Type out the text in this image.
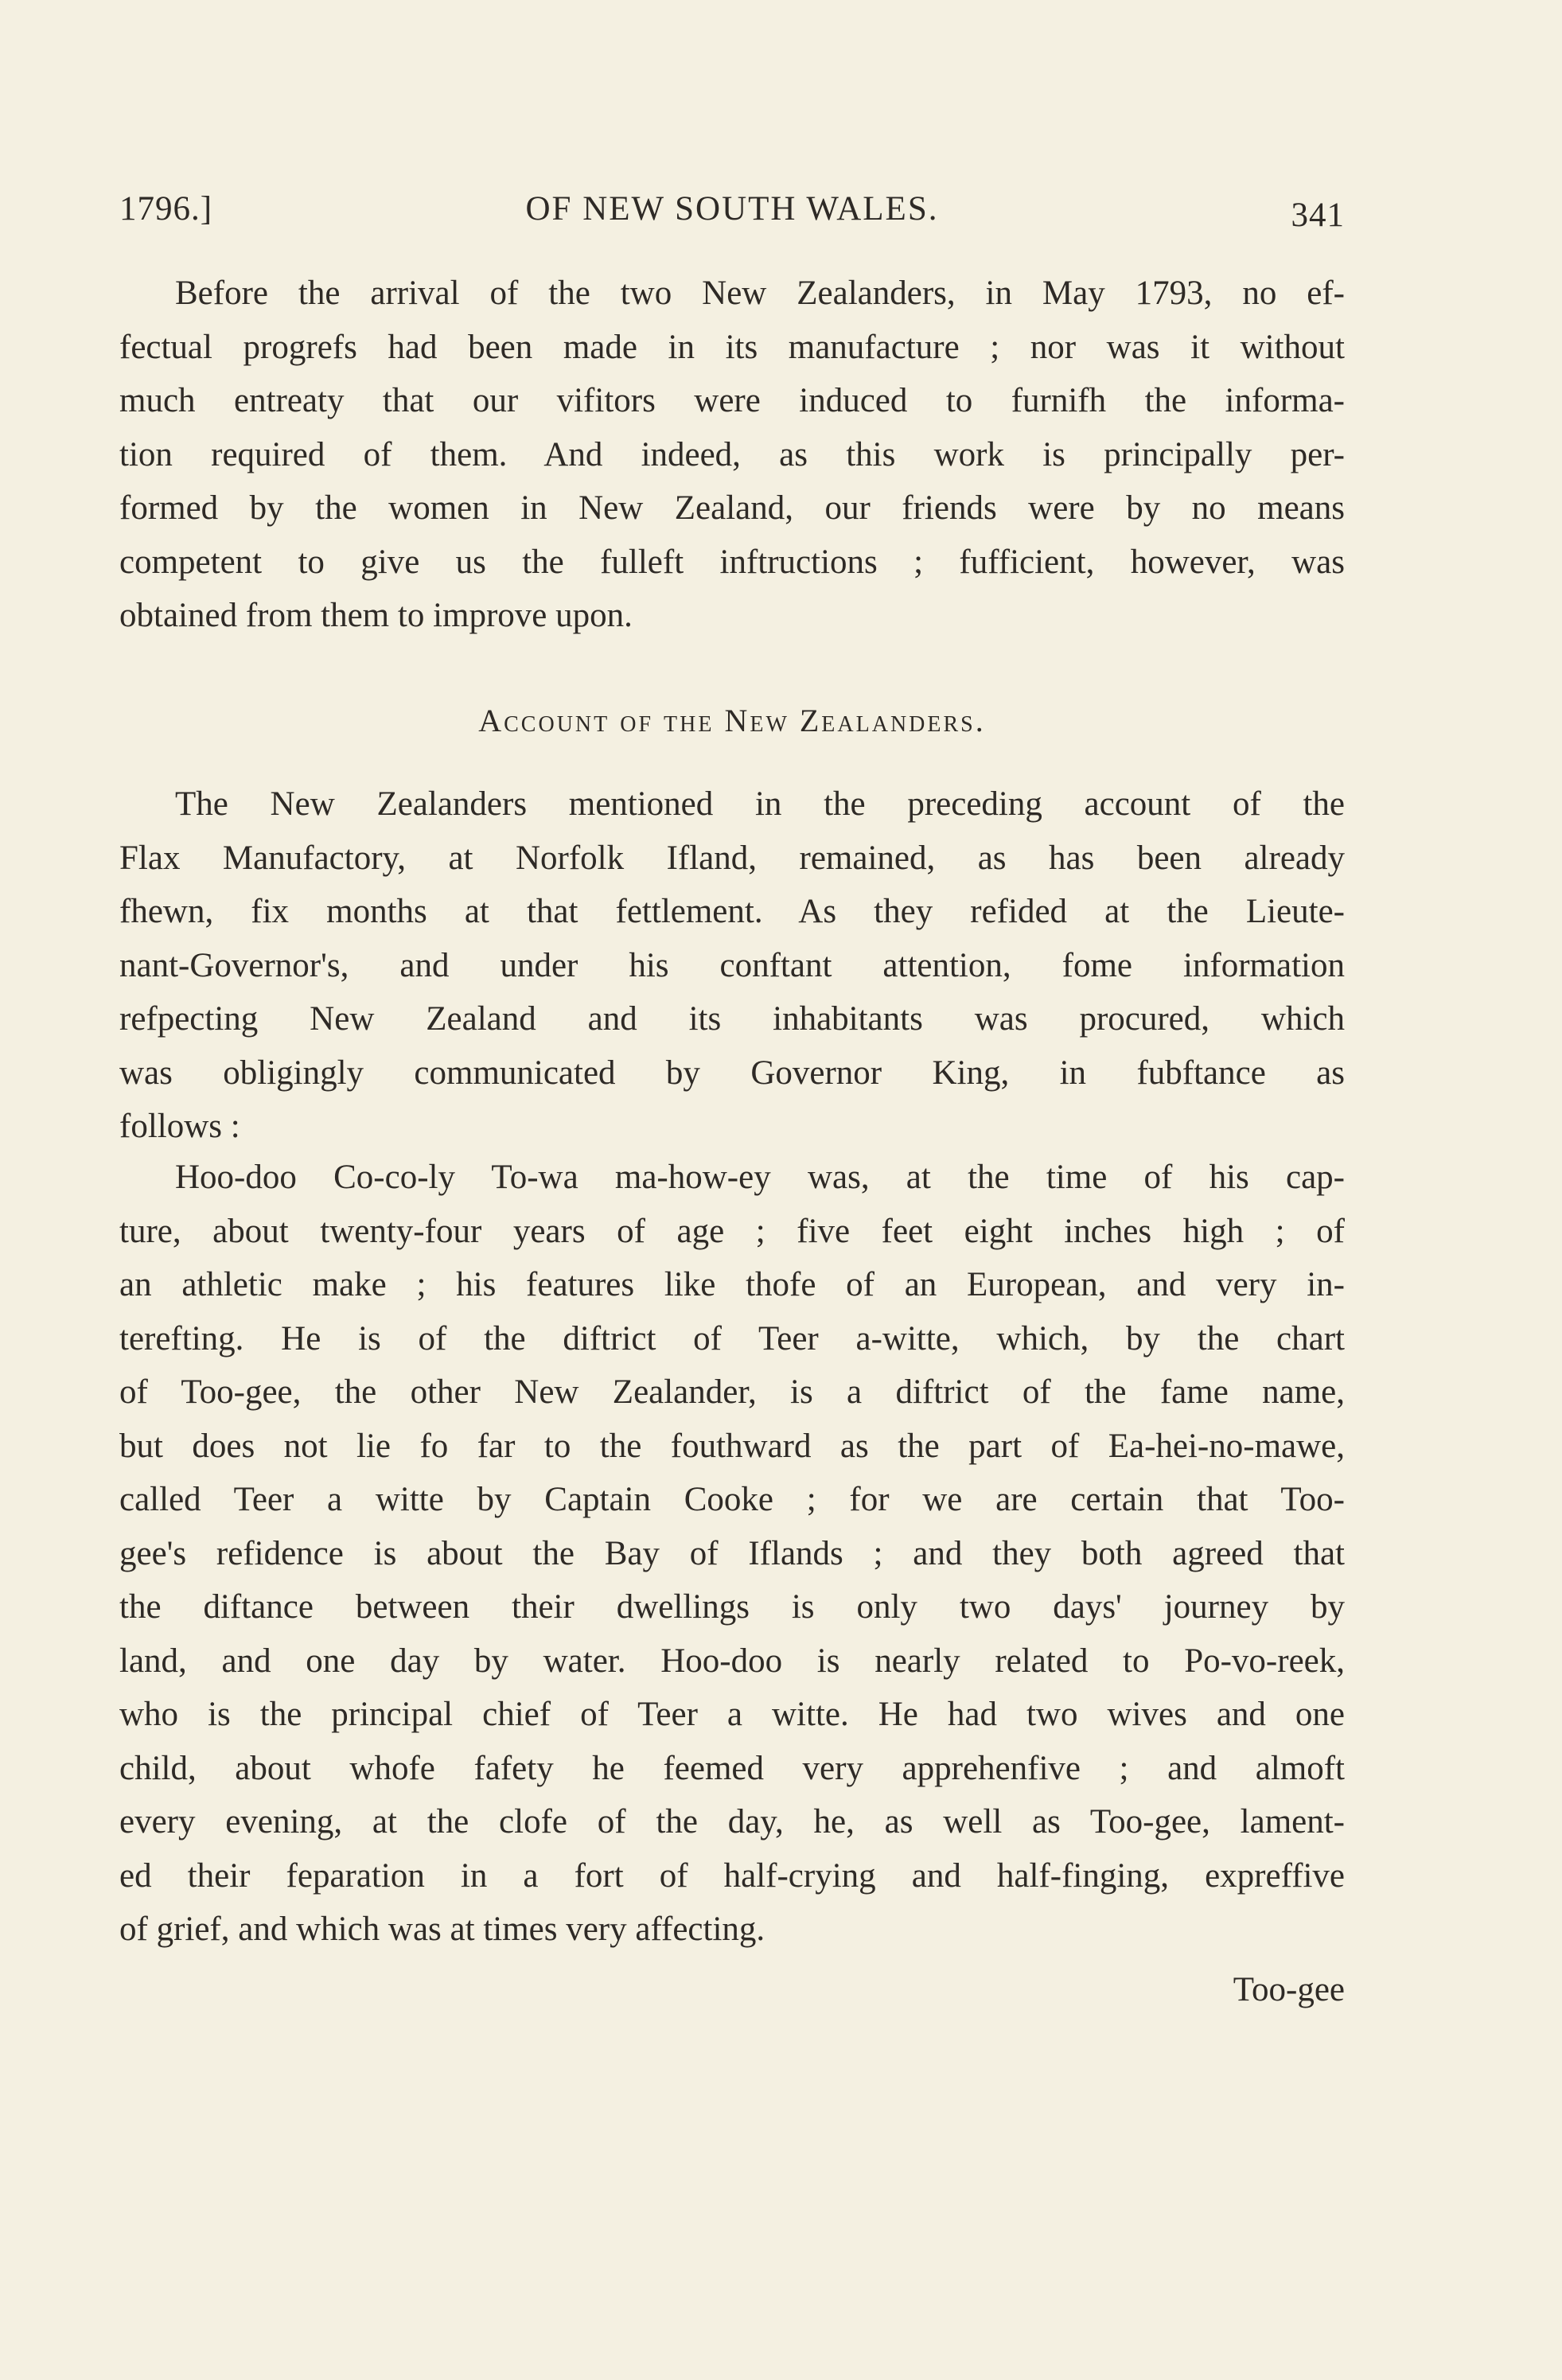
1796.]	OF NEW SOUTH WALES.	341
Before the arrival of the two New Zealanders, in May 1793, no ef-
fectual progrefs had been made in its manufacture ; nor was it without
much entreaty that our vifitors were induced to furnifh the informa-
tion required of them. And indeed, as this work is principally per-
formed by the women in New Zealand, our friends were by no means
competent to give us the fulleft inftructions ; fufficient, however, was
obtained from them to improve upon.
Account of the New Zealanders.
The New Zealanders mentioned in the preceding account of the
Flax Manufactory, at Norfolk Ifland, remained, as has been already
fhewn, fix months at that fettlement. As they refided at the Lieute-
nant-Governor's, and under his conftant attention, fome information
refpecting New Zealand and its inhabitants was procured, which
was obligingly communicated by Governor King, in fubftance as
follows :
Hoo-doo Co-co-ly To-wa ma-how-ey was, at the time of his cap-
ture, about twenty-four years of age ; five feet eight inches high ; of
an athletic make ; his features like thofe of an European, and very in-
terefting. He is of the diftrict of Teer a-witte, which, by the chart
of Too-gee, the other New Zealander, is a diftrict of the fame name,
but does not lie fo far to the fouthward as the part of Ea-hei-no-mawe,
called Teer a witte by Captain Cooke ; for we are certain that Too-
gee's refidence is about the Bay of Iflands ; and they both agreed that
the diftance between their dwellings is only two days' journey by
land, and one day by water. Hoo-doo is nearly related to Po-vo-reek,
who is the principal chief of Teer a witte. He had two wives and one
child, about whofe fafety he feemed very apprehenfive ; and almoft
every evening, at the clofe of the day, he, as well as Too-gee, lament-
ed their feparation in a fort of half-crying and half-finging, expreffive
of grief, and which was at times very affecting.
Too-gee
